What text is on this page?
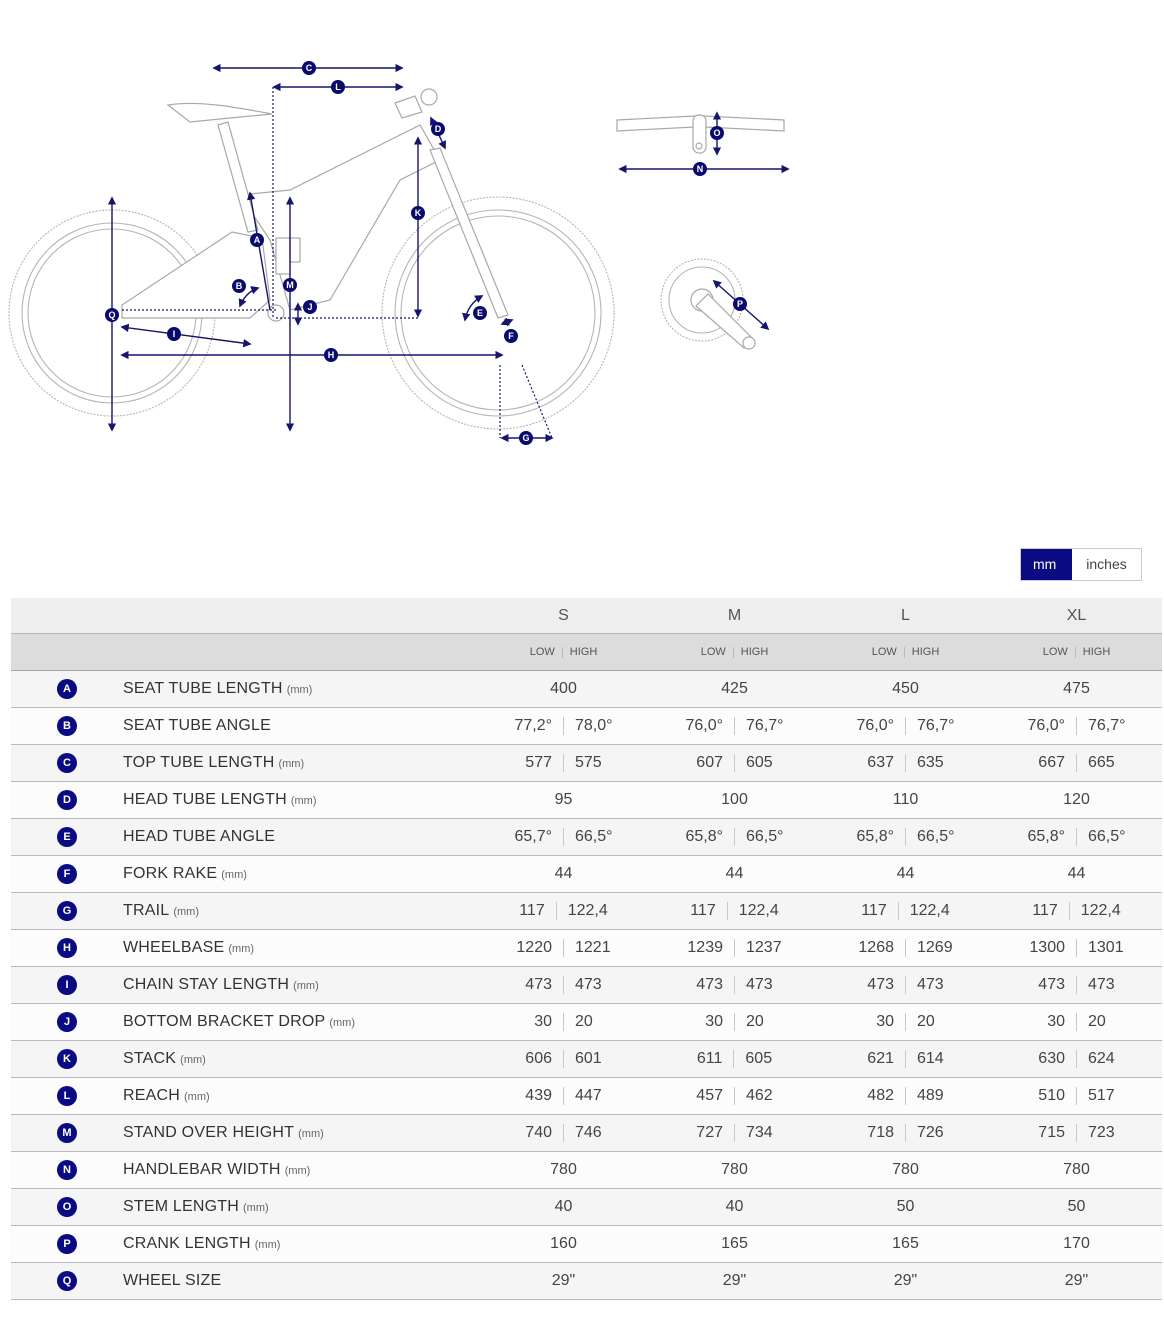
C
L
D
K
A
B	M
J
Q
I
H
E
F
G
O
N
P
mm	inches
		S	M	L	XL
		LOW HIGH	LOW HIGH	LOW HIGH	LOW HIGH
A	SEAT TUBE LENGTH (mm)	400	425	450	475
B	SEAT TUBE ANGLE	77,2° 78,0°	76,0° 76,7°	76,0° 76,7°	76,0° 76,7°

C	TOP TUBE LENGTH (mm)	577 575	607 605	637 635	667 665

D	HEAD TUBE LENGTH (mm)	95	100	110	120
E	HEAD TUBE ANGLE	65,7° 66,5°	65,8° 66,5°	65,8° 66,5°	65,8° 66,5°

F	FORK RAKE (mm)	44	44	44	44
G	TRAIL (mm)	117 122,4	117 122,4	117 122,4	117 122,4

H	WHEELBASE (mm)	1220 1221	1239 1237	1268 1269	1300 1301

I	CHAIN STAY LENGTH (mm)	473 473	473 473	473 473	473 473

J	BOTTOM BRACKET DROP (mm)	30 20	30 20	30 20	30 20

K	STACK (mm)	606 601	611 605	621 614	630 624

L	REACH (mm)	439 447	457 462	482 489	510 517

M	STAND OVER HEIGHT (mm)	740 746	727 734	718 726	715 723

N	HANDLEBAR WIDTH (mm)	780	780	780	780
O	STEM LENGTH (mm)	40	40	50	50
P	CRANK LENGTH (mm)	160	165	165	170
Q	WHEEL SIZE	29"	29"	29"	29"
